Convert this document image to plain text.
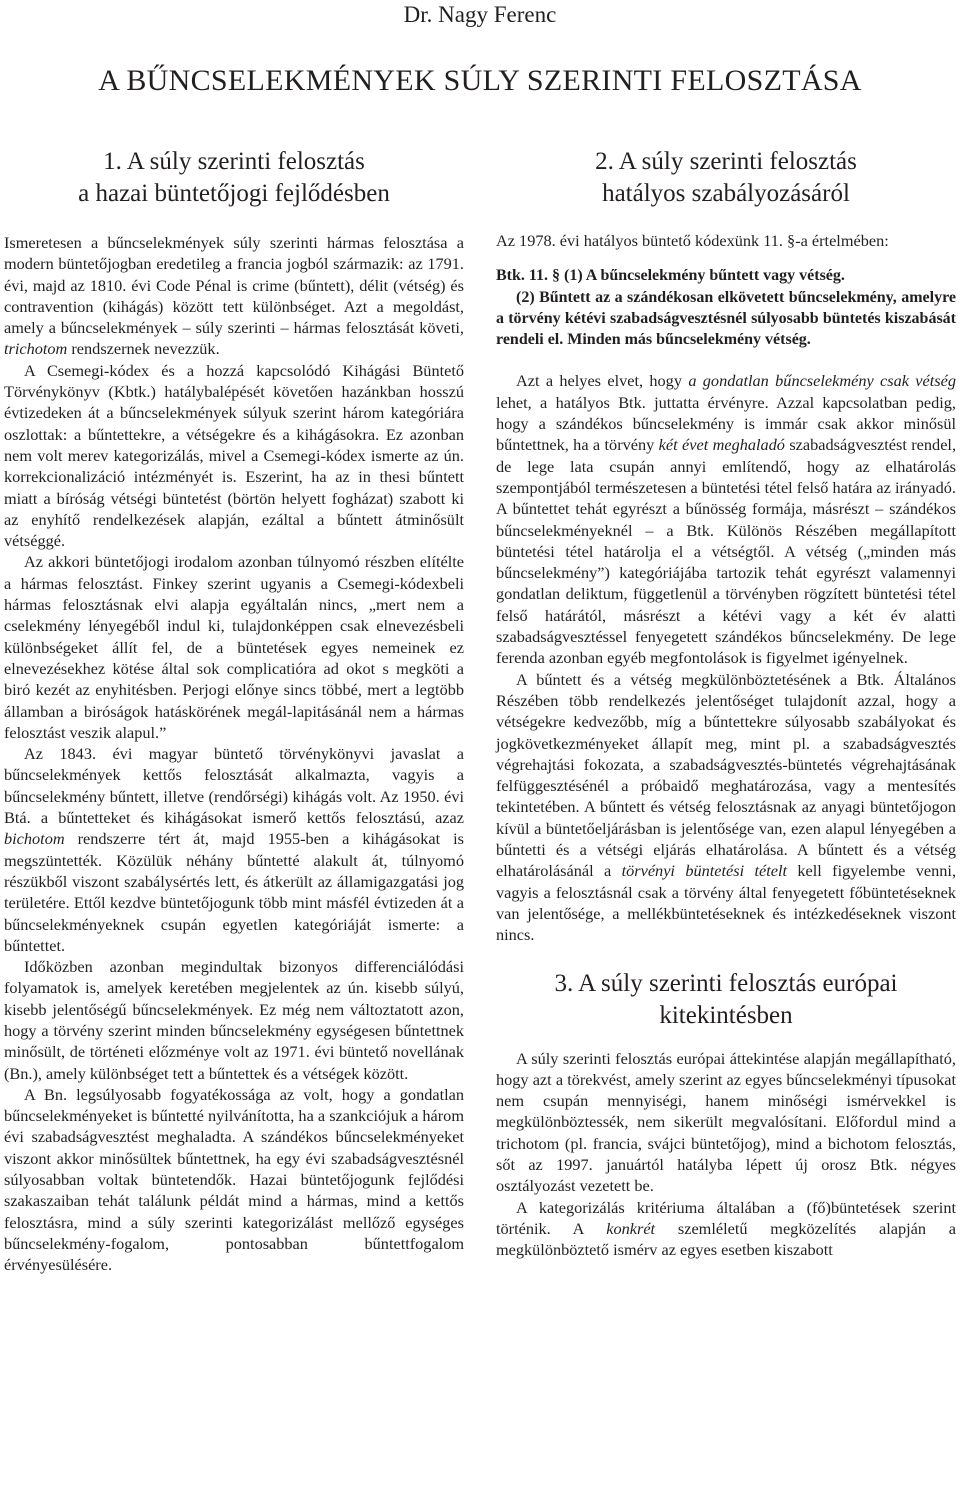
Dr. Nagy Ferenc
A BŰNCSELEKMÉNYEK SÚLY SZERINTI FELOSZTÁSA
1. A súly szerinti felosztás
a hazai büntetőjogi fejlődésben

Ismeretesen a bűncselekmények súly szerinti hármas felosztása a modern büntetőjogban eredetileg a francia jogból származik: az 1791. évi, majd az 1810. évi Code Pénal is crime (bűntett), délit (vétség) és contravention (kihágás) között tett különbséget. Azt a megoldást, amely a bűncselekmények – súly szerinti – hármas felosztását követi, trichotom rendszernek nevezzük.

A Csemegi-kódex és a hozzá kapcsolódó Kihágási Büntető Törvénykönyv (Kbtk.) hatálybalépését követően hazánkban hosszú évtizedeken át a bűncselekmények súlyuk szerint három kategóriára oszlottak: a bűntettekre, a vétségekre és a kihágásokra. Ez azonban nem volt merev kategorizálás, mivel a Csemegi-kódex ismerte az ún. korrekcionalizáció intézményét is. Eszerint, ha az in thesi bűntett miatt a bíróság vétségi büntetést (börtön helyett fogházat) szabott ki az enyhítő rendelkezések alapján, ezáltal a bűntett átminősült vétséggé.

Az akkori büntetőjogi irodalom azonban túlnyomó részben elítélte a hármas felosztást. Finkey szerint ugyanis a Csemegi-kódexbeli hármas felosztásnak elvi alapja egyáltalán nincs, „mert nem a cselekmény lényegéből indul ki, tulajdonképpen csak elnevezésbeli különbségeket állít fel, de a büntetések egyes nemeinek ez elnevezésekhez kötése által sok complicatióra ad okot s megköti a biró kezét az enyhitésben. Perjogi előnye sincs többé, mert a legtöbb államban a biróságok hatáskörének megál-lapitásánál nem a hármas felosztást veszik alapul.”

Az 1843. évi magyar büntető törvénykönyvi javaslat a bűncselekmények kettős felosztását alkalmazta, vagyis a bűncselekmény bűntett, illetve (rendőrségi) kihágás volt. Az 1950. évi Btá. a bűntetteket és kihágásokat ismerő kettős felosztású, azaz bichotom rendszerre tért át, majd 1955-ben a kihágásokat is megszüntették. Közülük néhány bűntetté alakult át, túlnyomó részükből viszont szabálysértés lett, és átkerült az államigazgatási jog területére. Ettől kezdve büntetőjogunk több mint másfél évtizeden át a bűncselekményeknek csupán egyetlen kategóriáját ismerte: a bűntettet.

Időközben azonban megindultak bizonyos differenciálódási folyamatok is, amelyek keretében megjelentek az ún. kisebb súlyú, kisebb jelentőségű bűncselekmények. Ez még nem változtatott azon, hogy a törvény szerint minden bűncselekmény egységesen bűntettnek minősült, de történeti előzménye volt az 1971. évi büntető novellának (Bn.), amely különbséget tett a bűntettek és a vétségek között.

A Bn. legsúlyosabb fogyatékossága az volt, hogy a gondatlan bűncselekményeket is bűntetté nyilvánította, ha a szankciójuk a három évi szabadságvesztést meghaladta. A szándékos bűncselekményeket viszont akkor minősültek bűntettnek, ha egy évi szabadságvesztésnél súlyosabban voltak büntetendők. Hazai büntetőjogunk fejlődési szakaszaiban tehát találunk példát mind a hármas, mind a kettős felosztásra, mind a súly szerinti kategorizálást mellőző egységes bűncselekmény-fogalom, pontosabban bűntettfogalom érvényesülésére.

2. A súly szerinti felosztás
hatályos szabályozásáról

Az 1978. évi hatályos büntető kódexünk 11. §-a értelmében:

Btk. 11. § (1) A bűncselekmény bűntett vagy vétség.

(2) Bűntett az a szándékosan elkövetett bűncselekmény, amelyre a törvény kétévi szabadságvesztésnél súlyosabb büntetés kiszabását rendeli el. Minden más bűncselekmény vétség.

Azt a helyes elvet, hogy a gondatlan bűncselekmény csak vétség lehet, a hatályos Btk. juttatta érvényre. Azzal kapcsolatban pedig, hogy a szándékos bűncselekmény is immár csak akkor minősül bűntettnek, ha a törvény két évet meghaladó szabadságvesztést rendel, de lege lata csupán annyi említendő, hogy az elhatárolás szempontjából természetesen a büntetési tétel felső határa az irányadó. A bűntettet tehát egyrészt a bűnösség formája, másrészt – szándékos bűncselekményeknél – a Btk. Különös Részében megállapított büntetési tétel határolja el a vétségtől. A vétség („minden más bűncselekmény”) kategóriájába tartozik tehát egyrészt valamennyi gondatlan deliktum, függetlenül a törvényben rögzített büntetési tétel felső határától, másrészt a kétévi vagy a két év alatti szabadságvesztéssel fenyegetett szándékos bűncselekmény. De lege ferenda azonban egyéb megfontolások is figyelmet igényelnek.

A bűntett és a vétség megkülönböztetésének a Btk. Általános Részében több rendelkezés jelentőséget tulajdonít azzal, hogy a vétségekre kedvezőbb, míg a bűntettekre súlyosabb szabályokat és jogkövetkezményeket állapít meg, mint pl. a szabadságvesztés végrehajtási fokozata, a szabadságvesztés-büntetés végrehajtásának felfüggesztésénél a próbaidő meghatározása, vagy a mentesítés tekintetében. A bűntett és vétség felosztásnak az anyagi büntetőjogon kívül a büntetőeljárásban is jelentősége van, ezen alapul lényegében a bűntetti és a vétségi eljárás elhatárolása. A bűntett és a vétség elhatárolásánál a törvényi büntetési tételt kell figyelembe venni, vagyis a felosztásnál csak a törvény által fenyegetett főbüntetéseknek van jelentősége, a mellékbüntetéseknek és intézkedéseknek viszont nincs.

3. A súly szerinti felosztás európai
kitekintésben

A súly szerinti felosztás európai áttekintése alapján megállapítható, hogy azt a törekvést, amely szerint az egyes bűncselekményi típusokat nem csupán mennyiségi, hanem minőségi ismérvekkel is megkülönböztessék, nem sikerült megvalósítani. Előfordul mind a trichotom (pl. francia, svájci büntetőjog), mind a bichotom felosztás, sőt az 1997. januártól hatályba lépett új orosz Btk. négyes osztályozást vezetett be.

A kategorizálás kritériuma általában a (fő)büntetések szerint történik. A konkrét szemléletű megközelítés alapján a megkülönböztető ismérv az egyes esetben kiszabott
